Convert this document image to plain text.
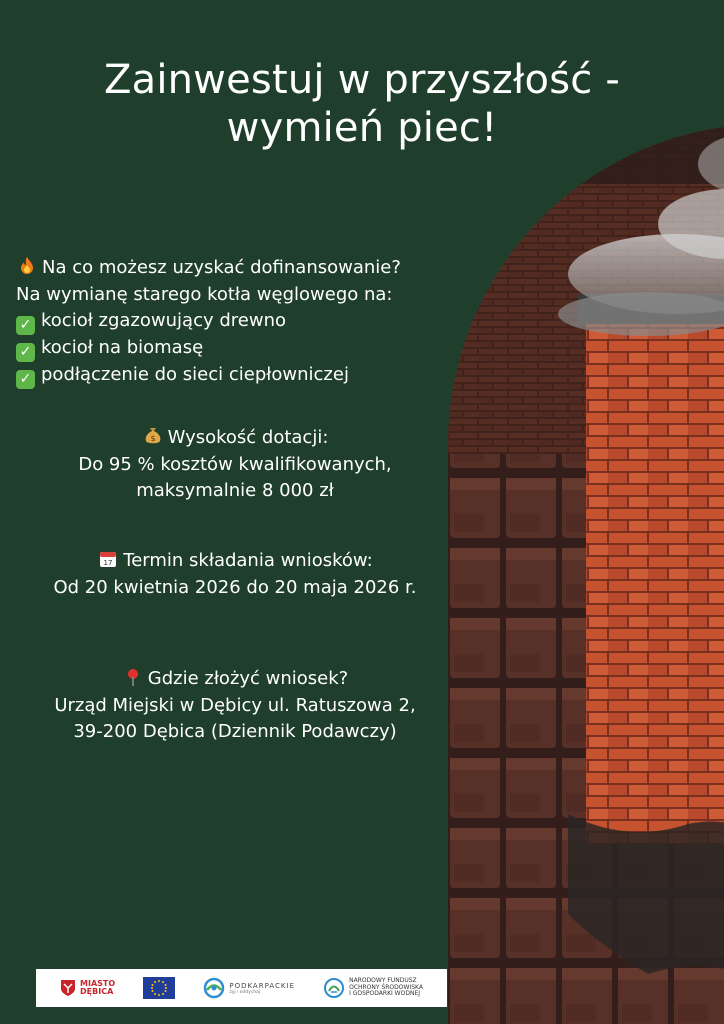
Zainwestuj w przyszłość -
wymień piec!
Na co możesz uzyskać dofinansowanie?
Na wymianę starego kotła węglowego na:
✓ kocioł zgazowujący drewno
✓ kocioł na biomasę
✓ podłączenie do sieci ciepłowniczej
$ Wysokość dotacji:
Do 95 % kosztów kwalifikowanych,
maksymalnie 8 000 zł
17 Termin składania wniosków:
Od 20 kwietnia 2026 do 20 maja 2026 r.
Gdzie złożyć wniosek?
Urząd Miejski w Dębicy ul. Ratuszowa 2,
39-200 Dębica (Dziennik Podawczy)
MIASTO
DĘBICA
PODKARPACKIE
żyj i oddychaj
NARODOWY FUNDUSZ
OCHRONY ŚRODOWISKA
I GOSPODARKI WODNEJ
